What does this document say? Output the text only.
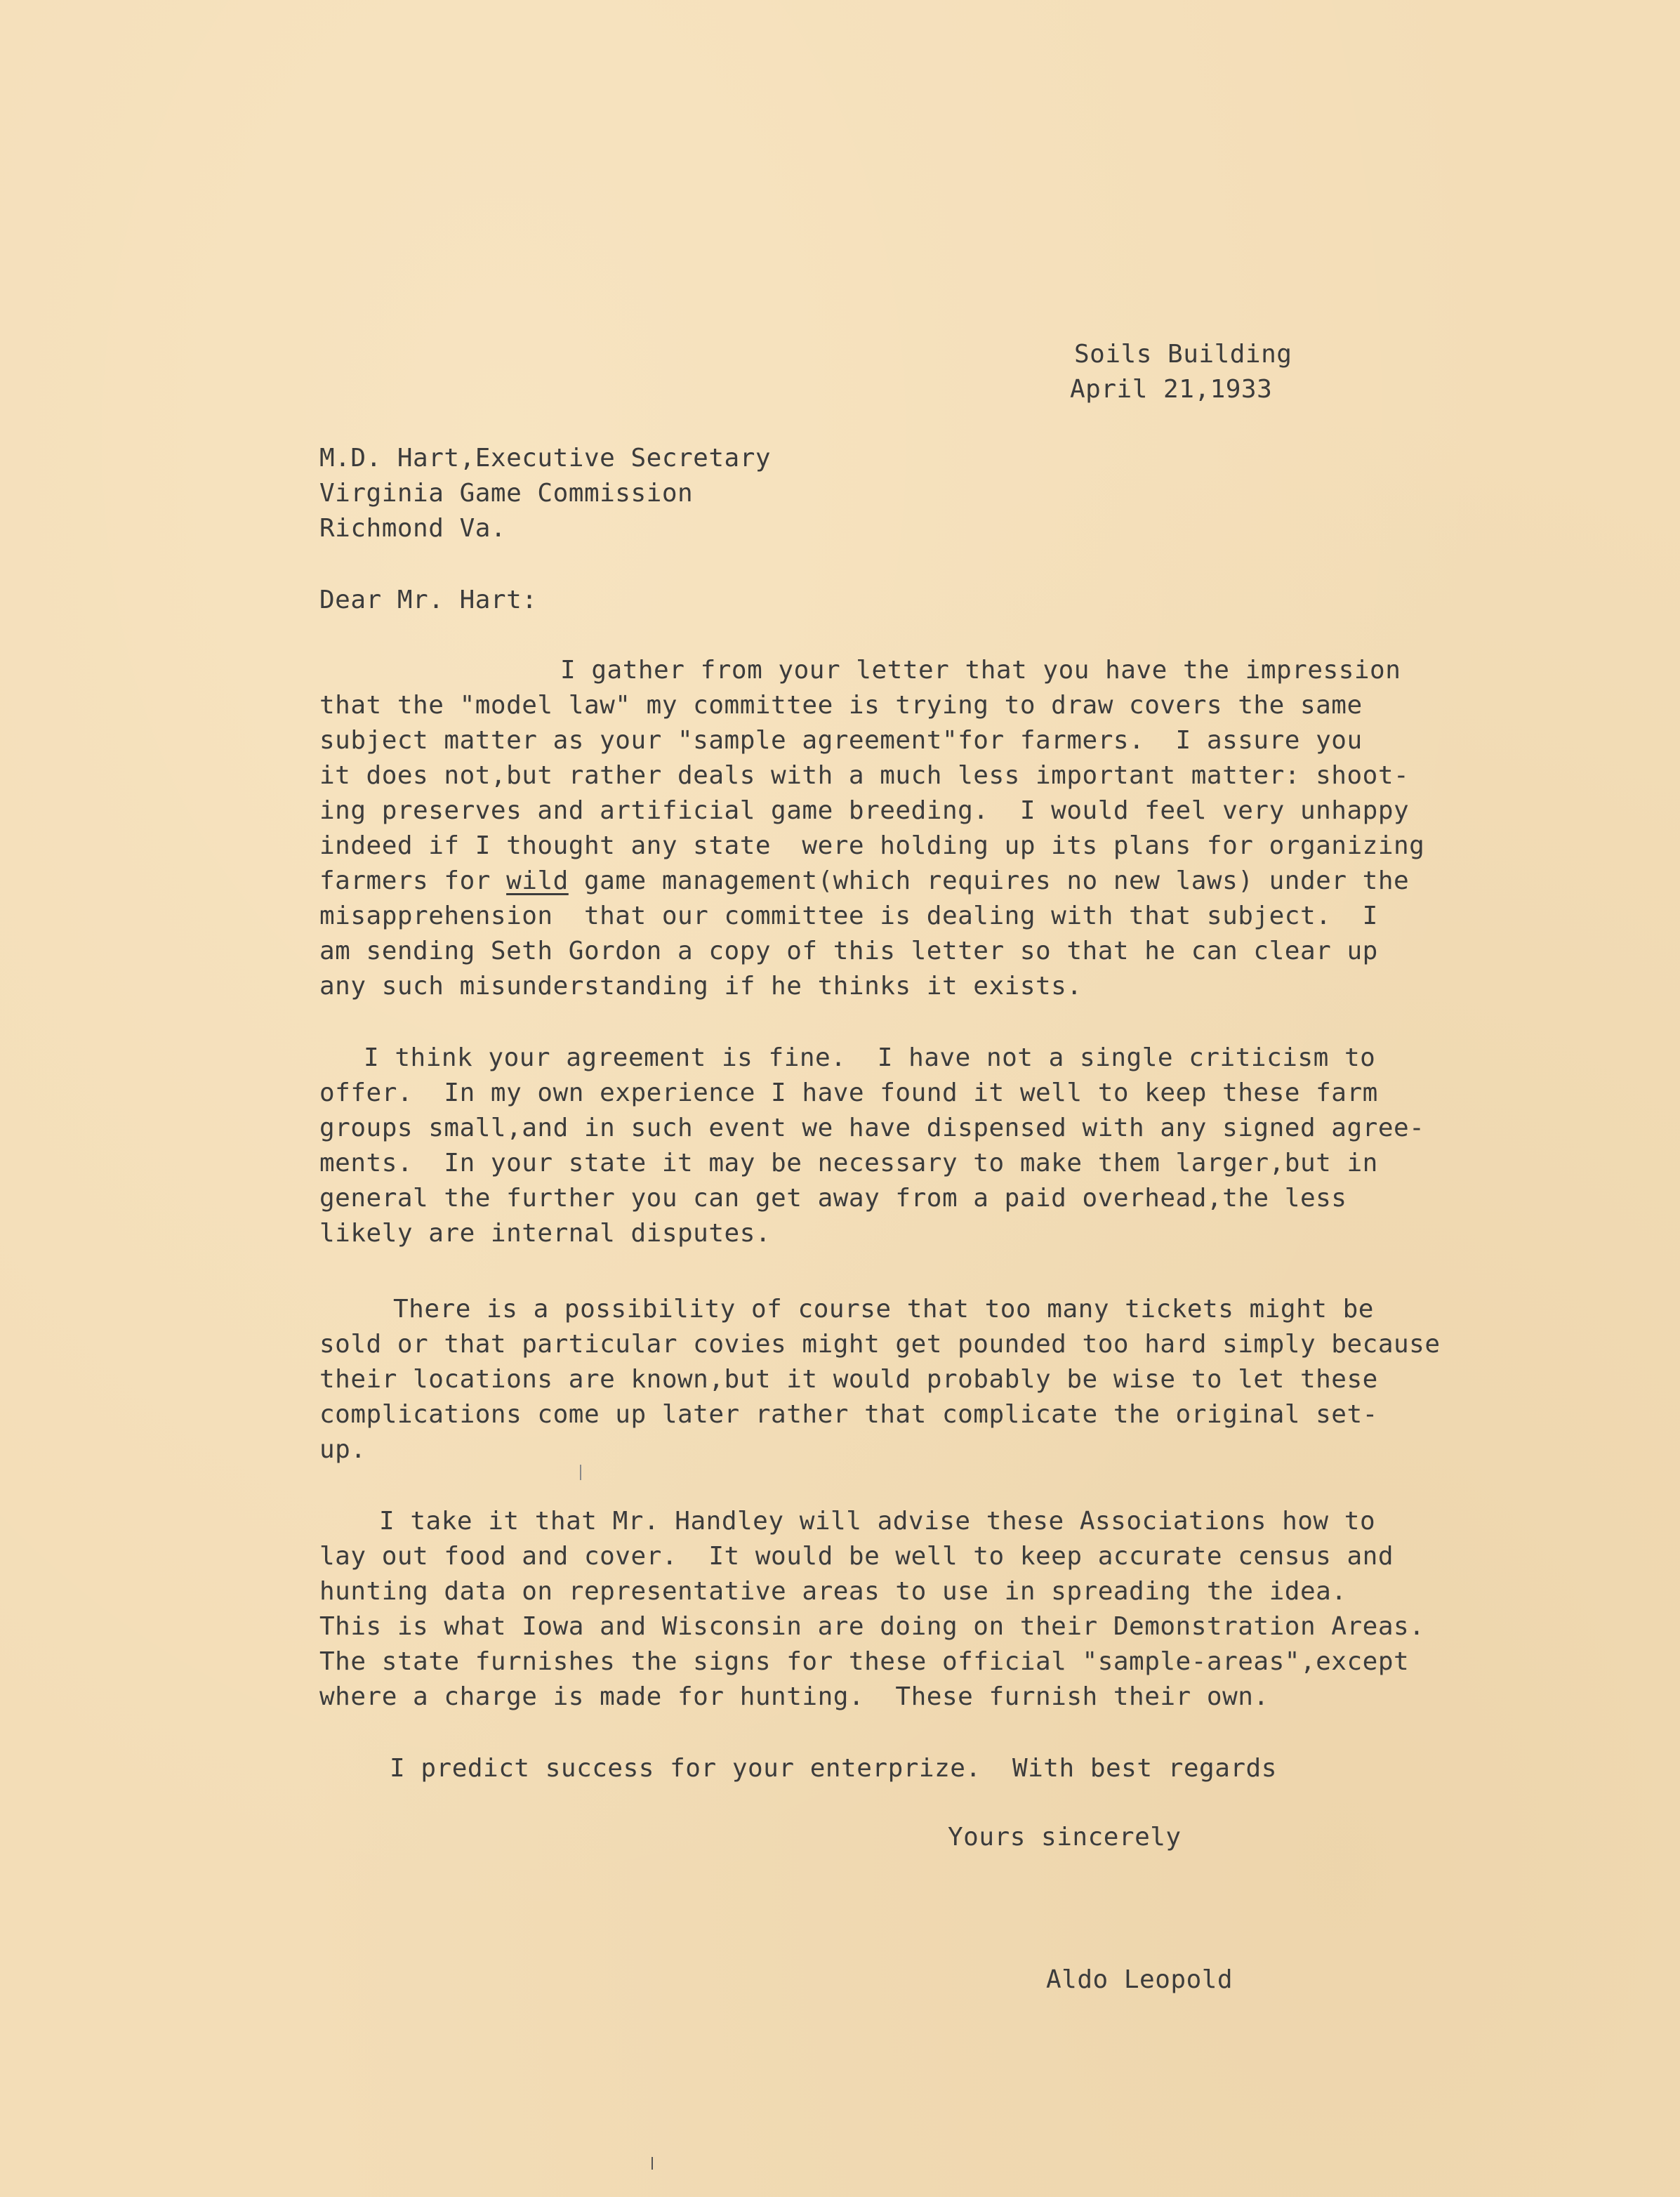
Soils Building
April 21,1933
M.D. Hart,Executive Secretary
Virginia Game Commission
Richmond Va.
Dear Mr. Hart:
I gather from your letter that you have the impression
that the "model law" my committee is trying to draw covers the same
subject matter as your "sample agreement"for farmers.  I assure you
it does not,but rather deals with a much less important matter: shoot-
ing preserves and artificial game breeding.  I would feel very unhappy
indeed if I thought any state  were holding up its plans for organizing
farmers for wild game management(which requires no new laws) under the
misapprehension  that our committee is dealing with that subject.  I
am sending Seth Gordon a copy of this letter so that he can clear up
any such misunderstanding if he thinks it exists.
I think your agreement is fine.  I have not a single criticism to
offer.  In my own experience I have found it well to keep these farm
groups small,and in such event we have dispensed with any signed agree-
ments.  In your state it may be necessary to make them larger,but in
general the further you can get away from a paid overhead,the less
likely are internal disputes.
There is a possibility of course that too many tickets might be
sold or that particular covies might get pounded too hard simply because
their locations are known,but it would probably be wise to let these
complications come up later rather that complicate the original set-
up.
I take it that Mr. Handley will advise these Associations how to
lay out food and cover.  It would be well to keep accurate census and
hunting data on representative areas to use in spreading the idea.
This is what Iowa and Wisconsin are doing on their Demonstration Areas.
The state furnishes the signs for these official "sample-areas",except
where a charge is made for hunting.  These furnish their own.
I predict success for your enterprize.  With best regards
Yours sincerely
Aldo Leopold
